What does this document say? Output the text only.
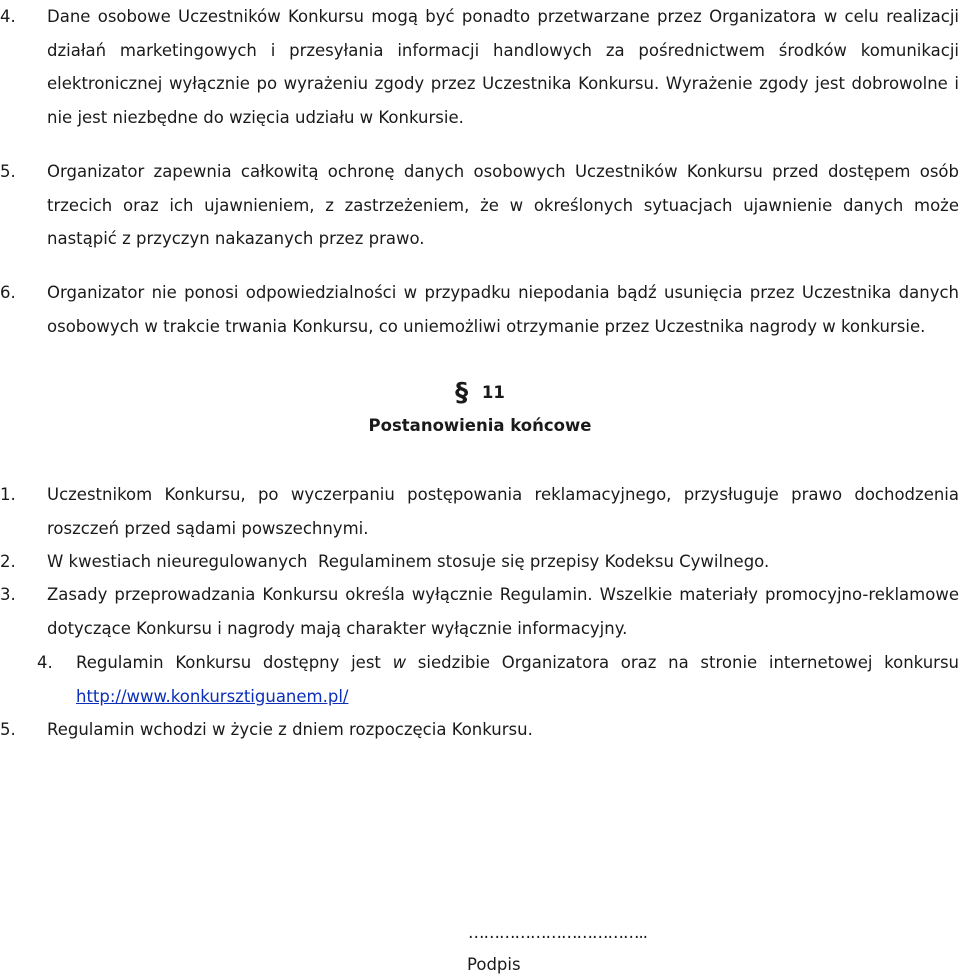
4. Dane osobowe Uczestników Konkursu mogą być ponadto przetwarzane przez Organizatora w celu realizacji działań marketingowych i przesyłania informacji handlowych za pośrednictwem środków komunikacji elektronicznej wyłącznie po wyrażeniu zgody przez Uczestnika Konkursu. Wyrażenie zgody jest dobrowolne i nie jest niezbędne do wzięcia udziału w Konkursie.
5. Organizator zapewnia całkowitą ochronę danych osobowych Uczestników Konkursu przed dostępem osób trzecich oraz ich ujawnieniem, z zastrzeżeniem, że w określonych sytuacjach ujawnienie danych może nastąpić z przyczyn nakazanych przez prawo.
6. Organizator nie ponosi odpowiedzialności w przypadku niepodania bądź usunięcia przez Uczestnika danych osobowych w trakcie trwania Konkursu, co uniemożliwi otrzymanie przez Uczestnika nagrody w konkursie.
§ 11
Postanowienia końcowe
1. Uczestnikom Konkursu, po wyczerpaniu postępowania reklamacyjnego, przysługuje prawo dochodzenia roszczeń przed sądami powszechnymi.
2. W kwestiach nieuregulowanych  Regulaminem stosuje się przepisy Kodeksu Cywilnego.
3. Zasady przeprowadzania Konkursu określa wyłącznie Regulamin. Wszelkie materiały promocyjno-reklamowe dotyczące Konkursu i nagrody mają charakter wyłącznie informacyjny.
4. Regulamin Konkursu dostępny jest w siedzibie Organizatora oraz na stronie internetowej konkursu http://www.konkursztiguanem.pl/
5. Regulamin wchodzi w życie z dniem rozpoczęcia Konkursu.
……………………………..
Podpis
